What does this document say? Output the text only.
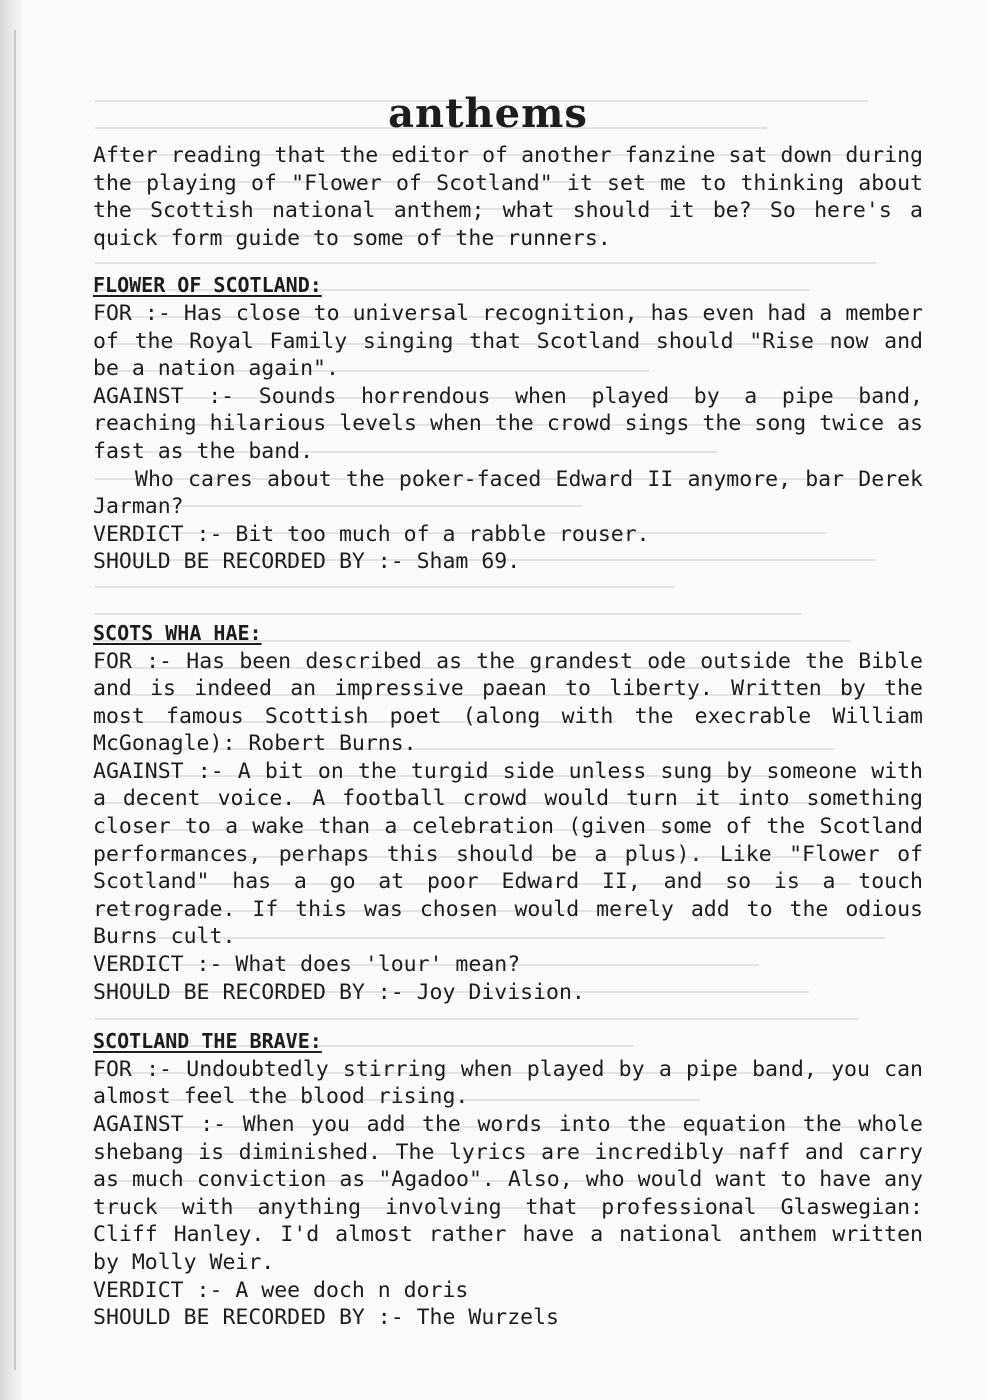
anthems

After reading that the editor of another fanzine sat down during the playing of "Flower of Scotland" it set me to thinking about the Scottish national anthem; what should it be? So here's a quick form guide to some of the runners.

FLOWER OF SCOTLAND:

FOR :- Has close to universal recognition, has even had a member of the Royal Family singing that Scotland should "Rise now and be a nation again".

AGAINST :- Sounds horrendous when played by a pipe band, reaching hilarious levels when the crowd sings the song twice as fast as the band.

Who cares about the poker-faced Edward II anymore, bar Derek Jarman?

VERDICT :- Bit too much of a rabble rouser.

SHOULD BE RECORDED BY :- Sham 69.

SCOTS WHA HAE:

FOR :- Has been described as the grandest ode outside the Bible and is indeed an impressive paean to liberty. Written by the most famous Scottish poet (along with the execrable William McGonagle): Robert Burns.

AGAINST :- A bit on the turgid side unless sung by someone with a decent voice. A football crowd would turn it into something closer to a wake than a celebration (given some of the Scotland performances, perhaps this should be a plus). Like "Flower of Scotland" has a go at poor Edward II, and so is a touch retrograde. If this was chosen would merely add to the odious Burns cult.

VERDICT :- What does 'lour' mean?

SHOULD BE RECORDED BY :- Joy Division.

SCOTLAND THE BRAVE:

FOR :- Undoubtedly stirring when played by a pipe band, you can almost feel the blood rising.

AGAINST :- When you add the words into the equation the whole shebang is diminished. The lyrics are incredibly naff and carry as much conviction as "Agadoo". Also, who would want to have any truck with anything involving that professional Glaswegian: Cliff Hanley. I'd almost rather have a national anthem written by Molly Weir.

VERDICT :- A wee doch n doris

SHOULD BE RECORDED BY :- The Wurzels
